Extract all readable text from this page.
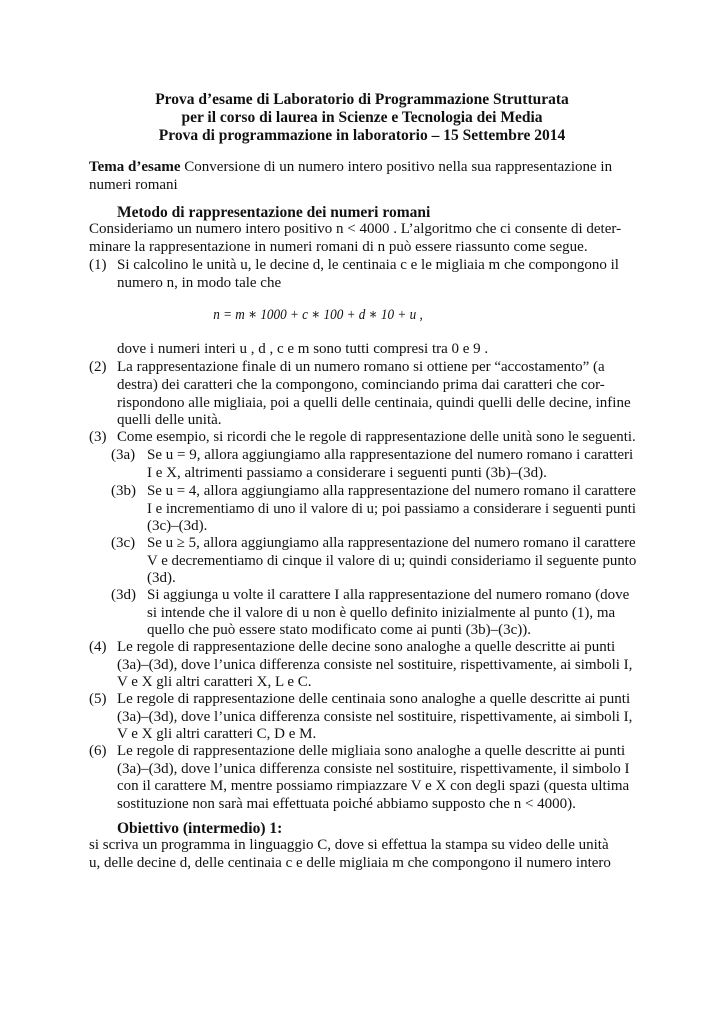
Prova d’esame di Laboratorio di Programmazione Strutturata
per il corso di laurea in Scienze e Tecnologia dei Media
Prova di programmazione in laboratorio – 15 Settembre 2014
Tema d’esame Conversione di un numero intero positivo nella sua rappresentazione in
numeri romani
Metodo di rappresentazione dei numeri romani
Consideriamo un numero intero positivo n < 4000 . L’algoritmo che ci consente di deter-
minare la rappresentazione in numeri romani di n può essere riassunto come segue.
(1) Si calcolino le unità u, le decine d, le centinaia c e le migliaia m che compongono il
numero n, in modo tale che
n = m ∗ 1000 + c ∗ 100 + d ∗ 10 + u ,
dove i numeri interi u , d , c e m sono tutti compresi tra 0 e 9 .
(2) La rappresentazione finale di un numero romano si ottiene per “accostamento” (a
destra) dei caratteri che la compongono, cominciando prima dai caratteri che cor-
rispondono alle migliaia, poi a quelli delle centinaia, quindi quelli delle decine, infine
quelli delle unità.
(3) Come esempio, si ricordi che le regole di rappresentazione delle unità sono le seguenti.
(3a) Se u = 9, allora aggiungiamo alla rappresentazione del numero romano i caratteri
I e X, altrimenti passiamo a considerare i seguenti punti (3b)–(3d).
(3b) Se u = 4, allora aggiungiamo alla rappresentazione del numero romano il carattere
I e incrementiamo di uno il valore di u; poi passiamo a considerare i seguenti punti
(3c)–(3d).
(3c) Se u ≥ 5, allora aggiungiamo alla rappresentazione del numero romano il carattere
V e decrementiamo di cinque il valore di u; quindi consideriamo il seguente punto
(3d).
(3d) Si aggiunga u volte il carattere I alla rappresentazione del numero romano (dove
si intende che il valore di u non è quello definito inizialmente al punto (1), ma
quello che può essere stato modificato come ai punti (3b)–(3c)).
(4) Le regole di rappresentazione delle decine sono analoghe a quelle descritte ai punti
(3a)–(3d), dove l’unica differenza consiste nel sostituire, rispettivamente, ai simboli I,
V e X gli altri caratteri X, L e C.
(5) Le regole di rappresentazione delle centinaia sono analoghe a quelle descritte ai punti
(3a)–(3d), dove l’unica differenza consiste nel sostituire, rispettivamente, ai simboli I,
V e X gli altri caratteri C, D e M.
(6) Le regole di rappresentazione delle migliaia sono analoghe a quelle descritte ai punti
(3a)–(3d), dove l’unica differenza consiste nel sostituire, rispettivamente, il simbolo I
con il carattere M, mentre possiamo rimpiazzare V e X con degli spazi (questa ultima
sostituzione non sarà mai effettuata poiché abbiamo supposto che n < 4000).
Obiettivo (intermedio) 1:
si scriva un programma in linguaggio C, dove si effettua la stampa su video delle unità
u, delle decine d, delle centinaia c e delle migliaia m che compongono il numero intero
